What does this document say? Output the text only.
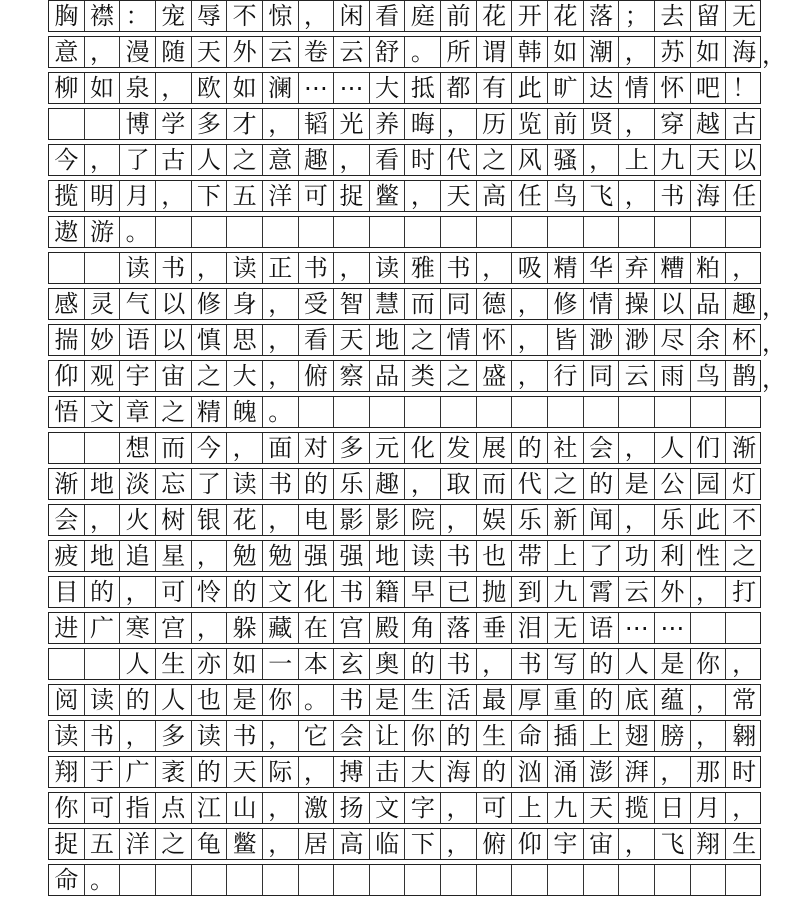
胸 襟 ： 宠 辱 不 惊 ， 闲 看 庭 前 花 开 花 落 ； 去 留 无
意 ， 漫 随 天 外 云 卷 云 舒 。 所 谓 韩 如 潮 ， 苏 如 海 ，
柳 如 泉 ， 欧 如 澜 ⋯ ⋯ 大 抵 都 有 此 旷 达 情 怀 吧 ！
博 学 多 才 ， 韬 光 养 晦 ， 历 览 前 贤 ， 穿 越 古
今 ， 了 古 人 之 意 趣 ， 看 时 代 之 风 骚 ， 上 九 天 以
揽 明 月 ， 下 五 洋 可 捉 鳖 ， 天 高 任 鸟 飞 ， 书 海 任
遨 游 。
读 书 ， 读 正 书 ， 读 雅 书 ， 吸 精 华 弃 糟 粕 ，
感 灵 气 以 修 身 ， 受 智 慧 而 同 德 ， 修 情 操 以 品 趣 ，
揣 妙 语 以 慎 思 ， 看 天 地 之 情 怀 ， 皆 渺 渺 尽 余 杯 ，
仰 观 宇 宙 之 大 ， 俯 察 品 类 之 盛 ， 行 同 云 雨 鸟 鹊 ，
悟 文 章 之 精 魄 。
想 而 今 ， 面 对 多 元 化 发 展 的 社 会 ， 人 们 渐
渐 地 淡 忘 了 读 书 的 乐 趣 ， 取 而 代 之 的 是 公 园 灯
会 ， 火 树 银 花 ， 电 影 影 院 ， 娱 乐 新 闻 ， 乐 此 不
疲 地 追 星 ， 勉 勉 强 强 地 读 书 也 带 上 了 功 利 性 之
目 的 ， 可 怜 的 文 化 书 籍 早 已 抛 到 九 霄 云 外 ， 打
进 广 寒 宫 ， 躲 藏 在 宫 殿 角 落 垂 泪 无 语 ⋯ ⋯
人 生 亦 如 一 本 玄 奥 的 书 ， 书 写 的 人 是 你 ，
阅 读 的 人 也 是 你 。 书 是 生 活 最 厚 重 的 底 蕴 ， 常
读 书 ， 多 读 书 ， 它 会 让 你 的 生 命 插 上 翅 膀 ， 翱
翔 于 广 袤 的 天 际 ， 搏 击 大 海 的 汹 涌 澎 湃 ， 那 时
你 可 指 点 江 山 ， 激 扬 文 字 ， 可 上 九 天 揽 日 月 ，
捉 五 洋 之 龟 鳖 ， 居 高 临 下 ， 俯 仰 宇 宙 ， 飞 翔 生
命 。
